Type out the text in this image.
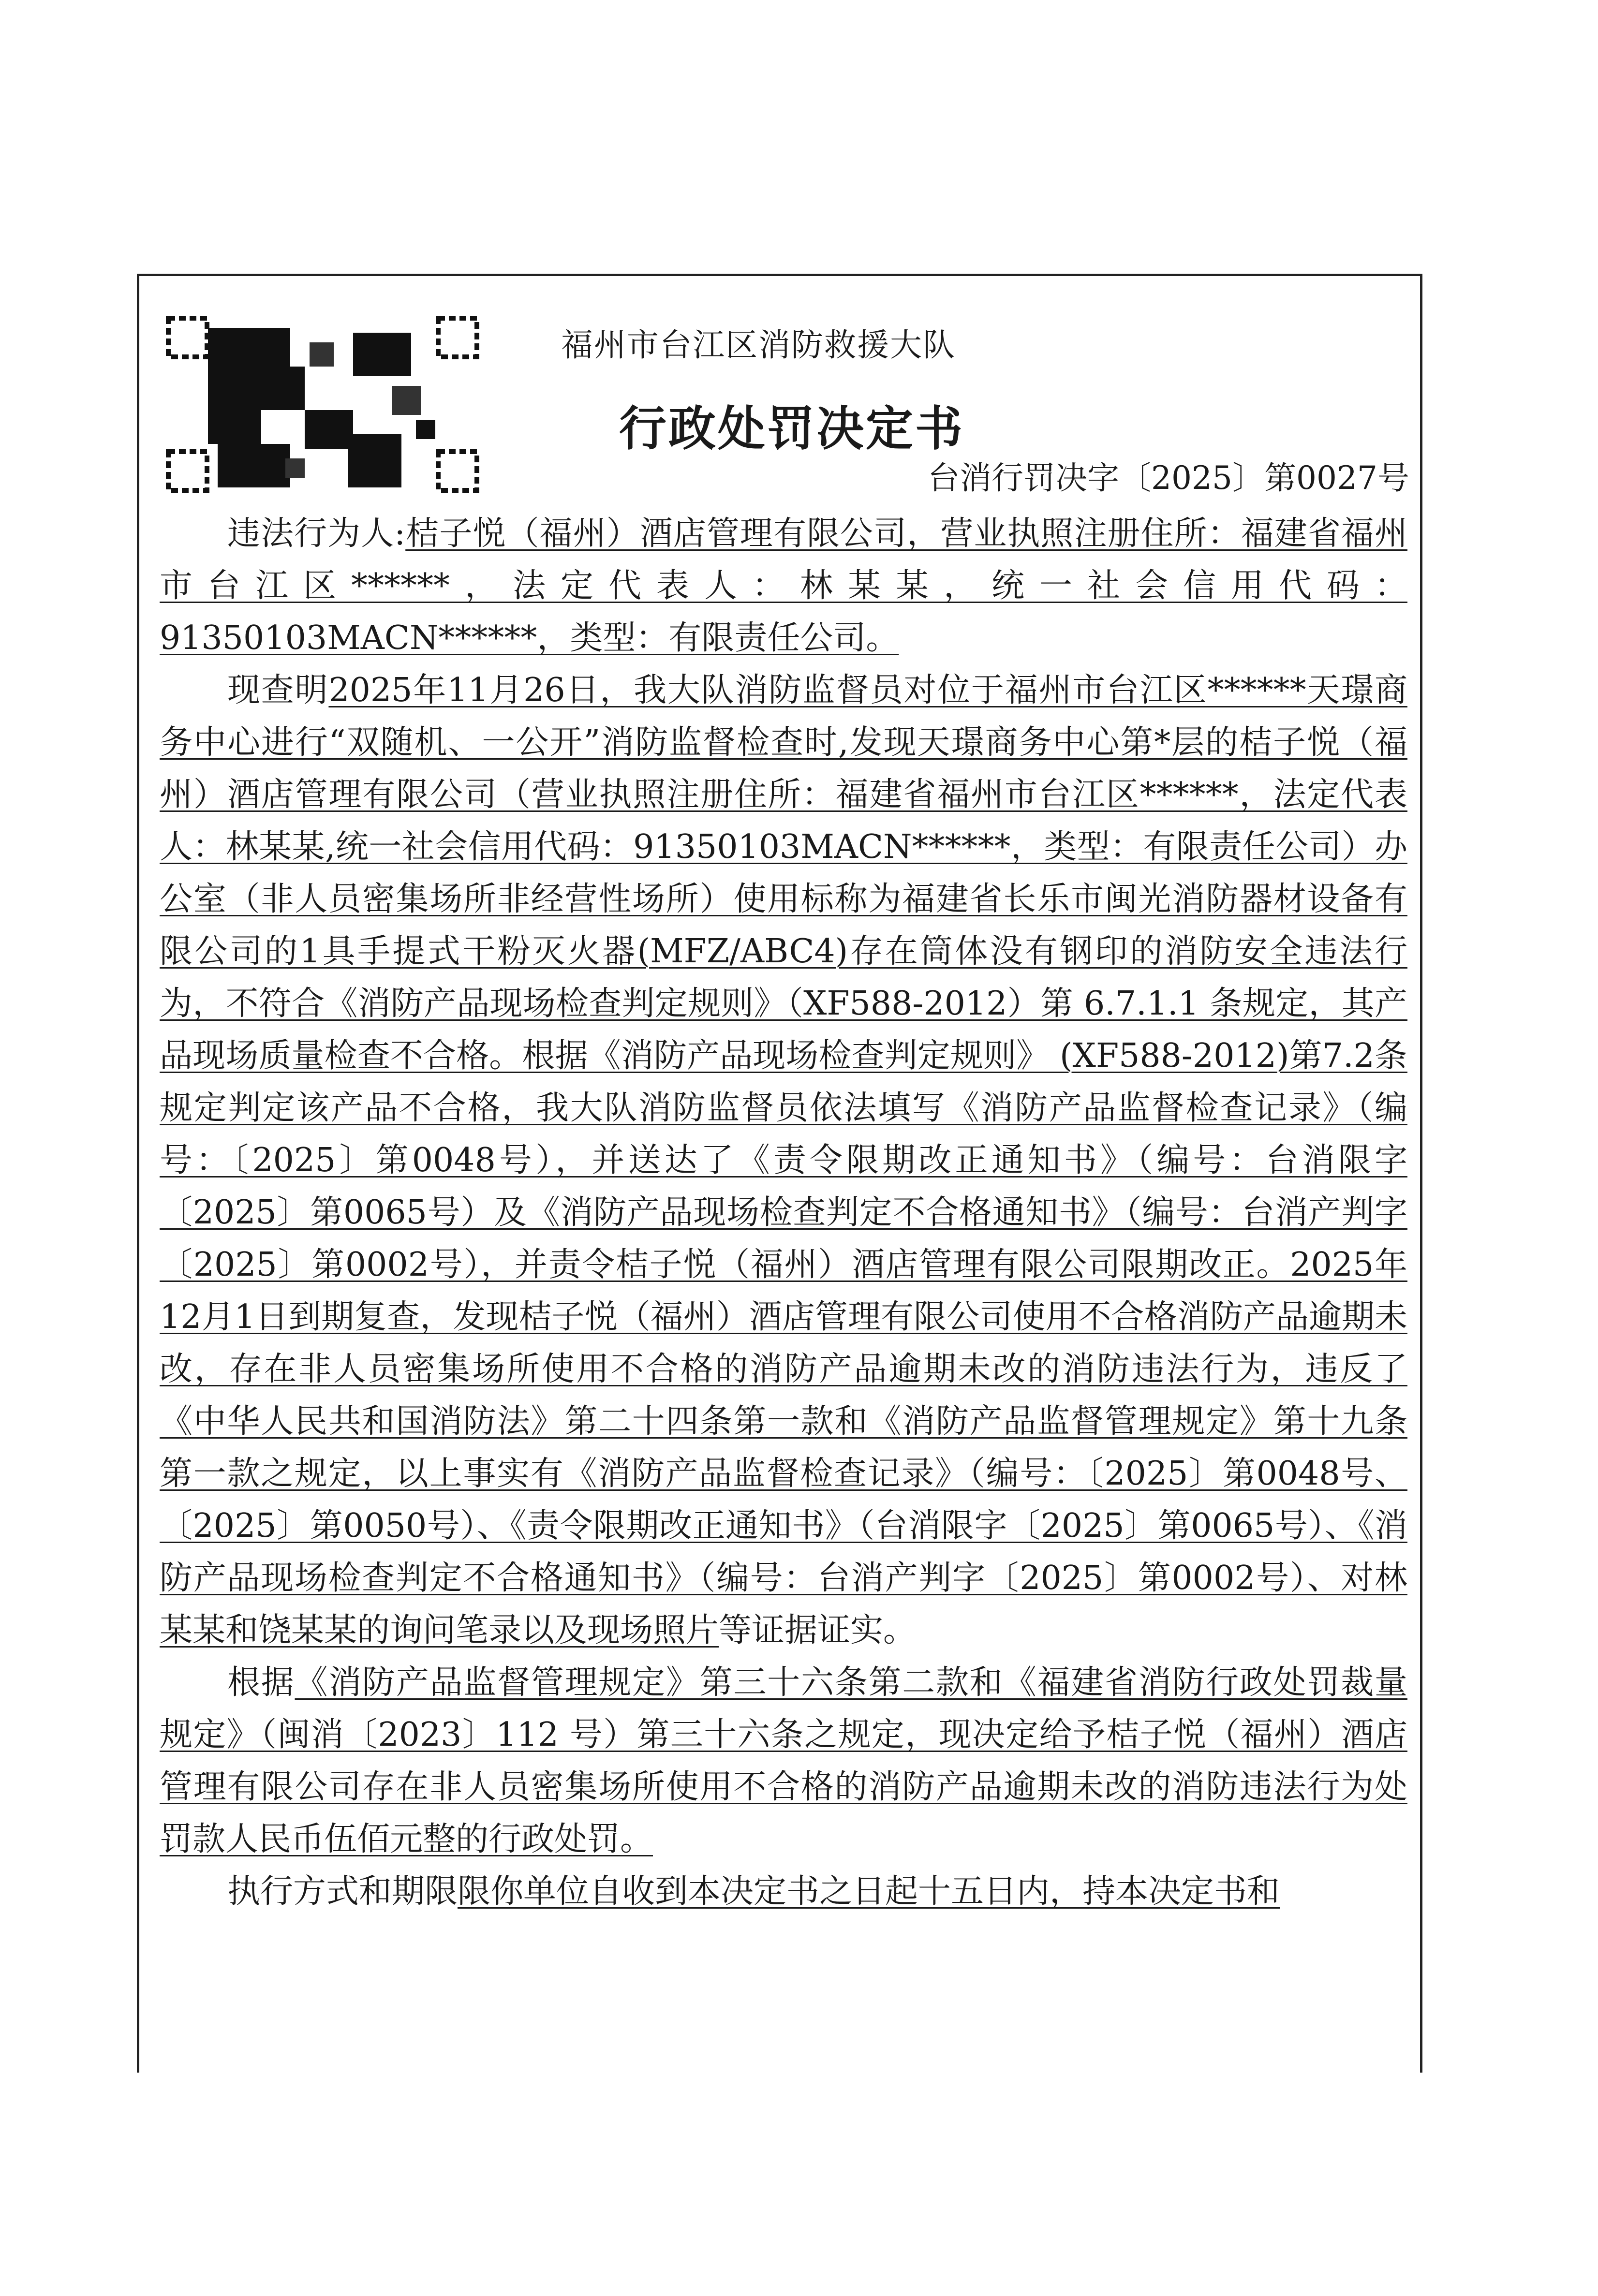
福州市台江区消防救援大队
行政处罚决定书
台消行罚决字〔2025〕第0027号

违法行为人:桔子悦（福州）酒店管理有限公司，营业执照注册住所：福建省福州市台江区******，法定代表人：林某某，统一社会信用代码：91350103MACN******，类型：有限责任公司。

现查明2025年11月26日，我大队消防监督员对位于福州市台江区******天璟商务中心进行“双随机、一公开”消防监督检查时,发现天璟商务中心第*层的桔子悦（福州）酒店管理有限公司（营业执照注册住所：福建省福州市台江区******，法定代表人：林某某,统一社会信用代码：91350103MACN******，类型：有限责任公司）办公室（非人员密集场所非经营性场所）使用标称为福建省长乐市闽光消防器材设备有限公司的1具手提式干粉灭火器(MFZ/ABC4)存在筒体没有钢印的消防安全违法行为，不符合《消防产品现场检查判定规则》（XF588-2012）第 6.7.1.1 条规定，其产品现场质量检查不合格。根据《消防产品现场检查判定规则》 (XF588-2012)第7.2条规定判定该产品不合格，我大队消防监督员依法填写《消防产品监督检查记录》（编号：〔2025〕第0048号），并送达了《责令限期改正通知书》（编号：台消限字〔2025〕第0065号）及《消防产品现场检查判定不合格通知书》（编号：台消产判字〔2025〕第0002号），并责令桔子悦（福州）酒店管理有限公司限期改正。2025年12月1日到期复查，发现桔子悦（福州）酒店管理有限公司使用不合格消防产品逾期未改，存在非人员密集场所使用不合格的消防产品逾期未改的消防违法行为，违反了《中华人民共和国消防法》第二十四条第一款和《消防产品监督管理规定》第十九条第一款之规定，以上事实有《消防产品监督检查记录》（编号：〔2025〕第0048号、〔2025〕第0050号）、《责令限期改正通知书》（台消限字〔2025〕第0065号）、《消防产品现场检查判定不合格通知书》（编号：台消产判字〔2025〕第0002号）、对林某某和饶某某的询问笔录以及现场照片等证据证实。

根据《消防产品监督管理规定》第三十六条第二款和《福建省消防行政处罚裁量规定》（闽消〔2023〕112 号）第三十六条之规定，现决定给予桔子悦（福州）酒店管理有限公司存在非人员密集场所使用不合格的消防产品逾期未改的消防违法行为处罚款人民币伍佰元整的行政处罚。

执行方式和期限限你单位自收到本决定书之日起十五日内，持本决定书和
